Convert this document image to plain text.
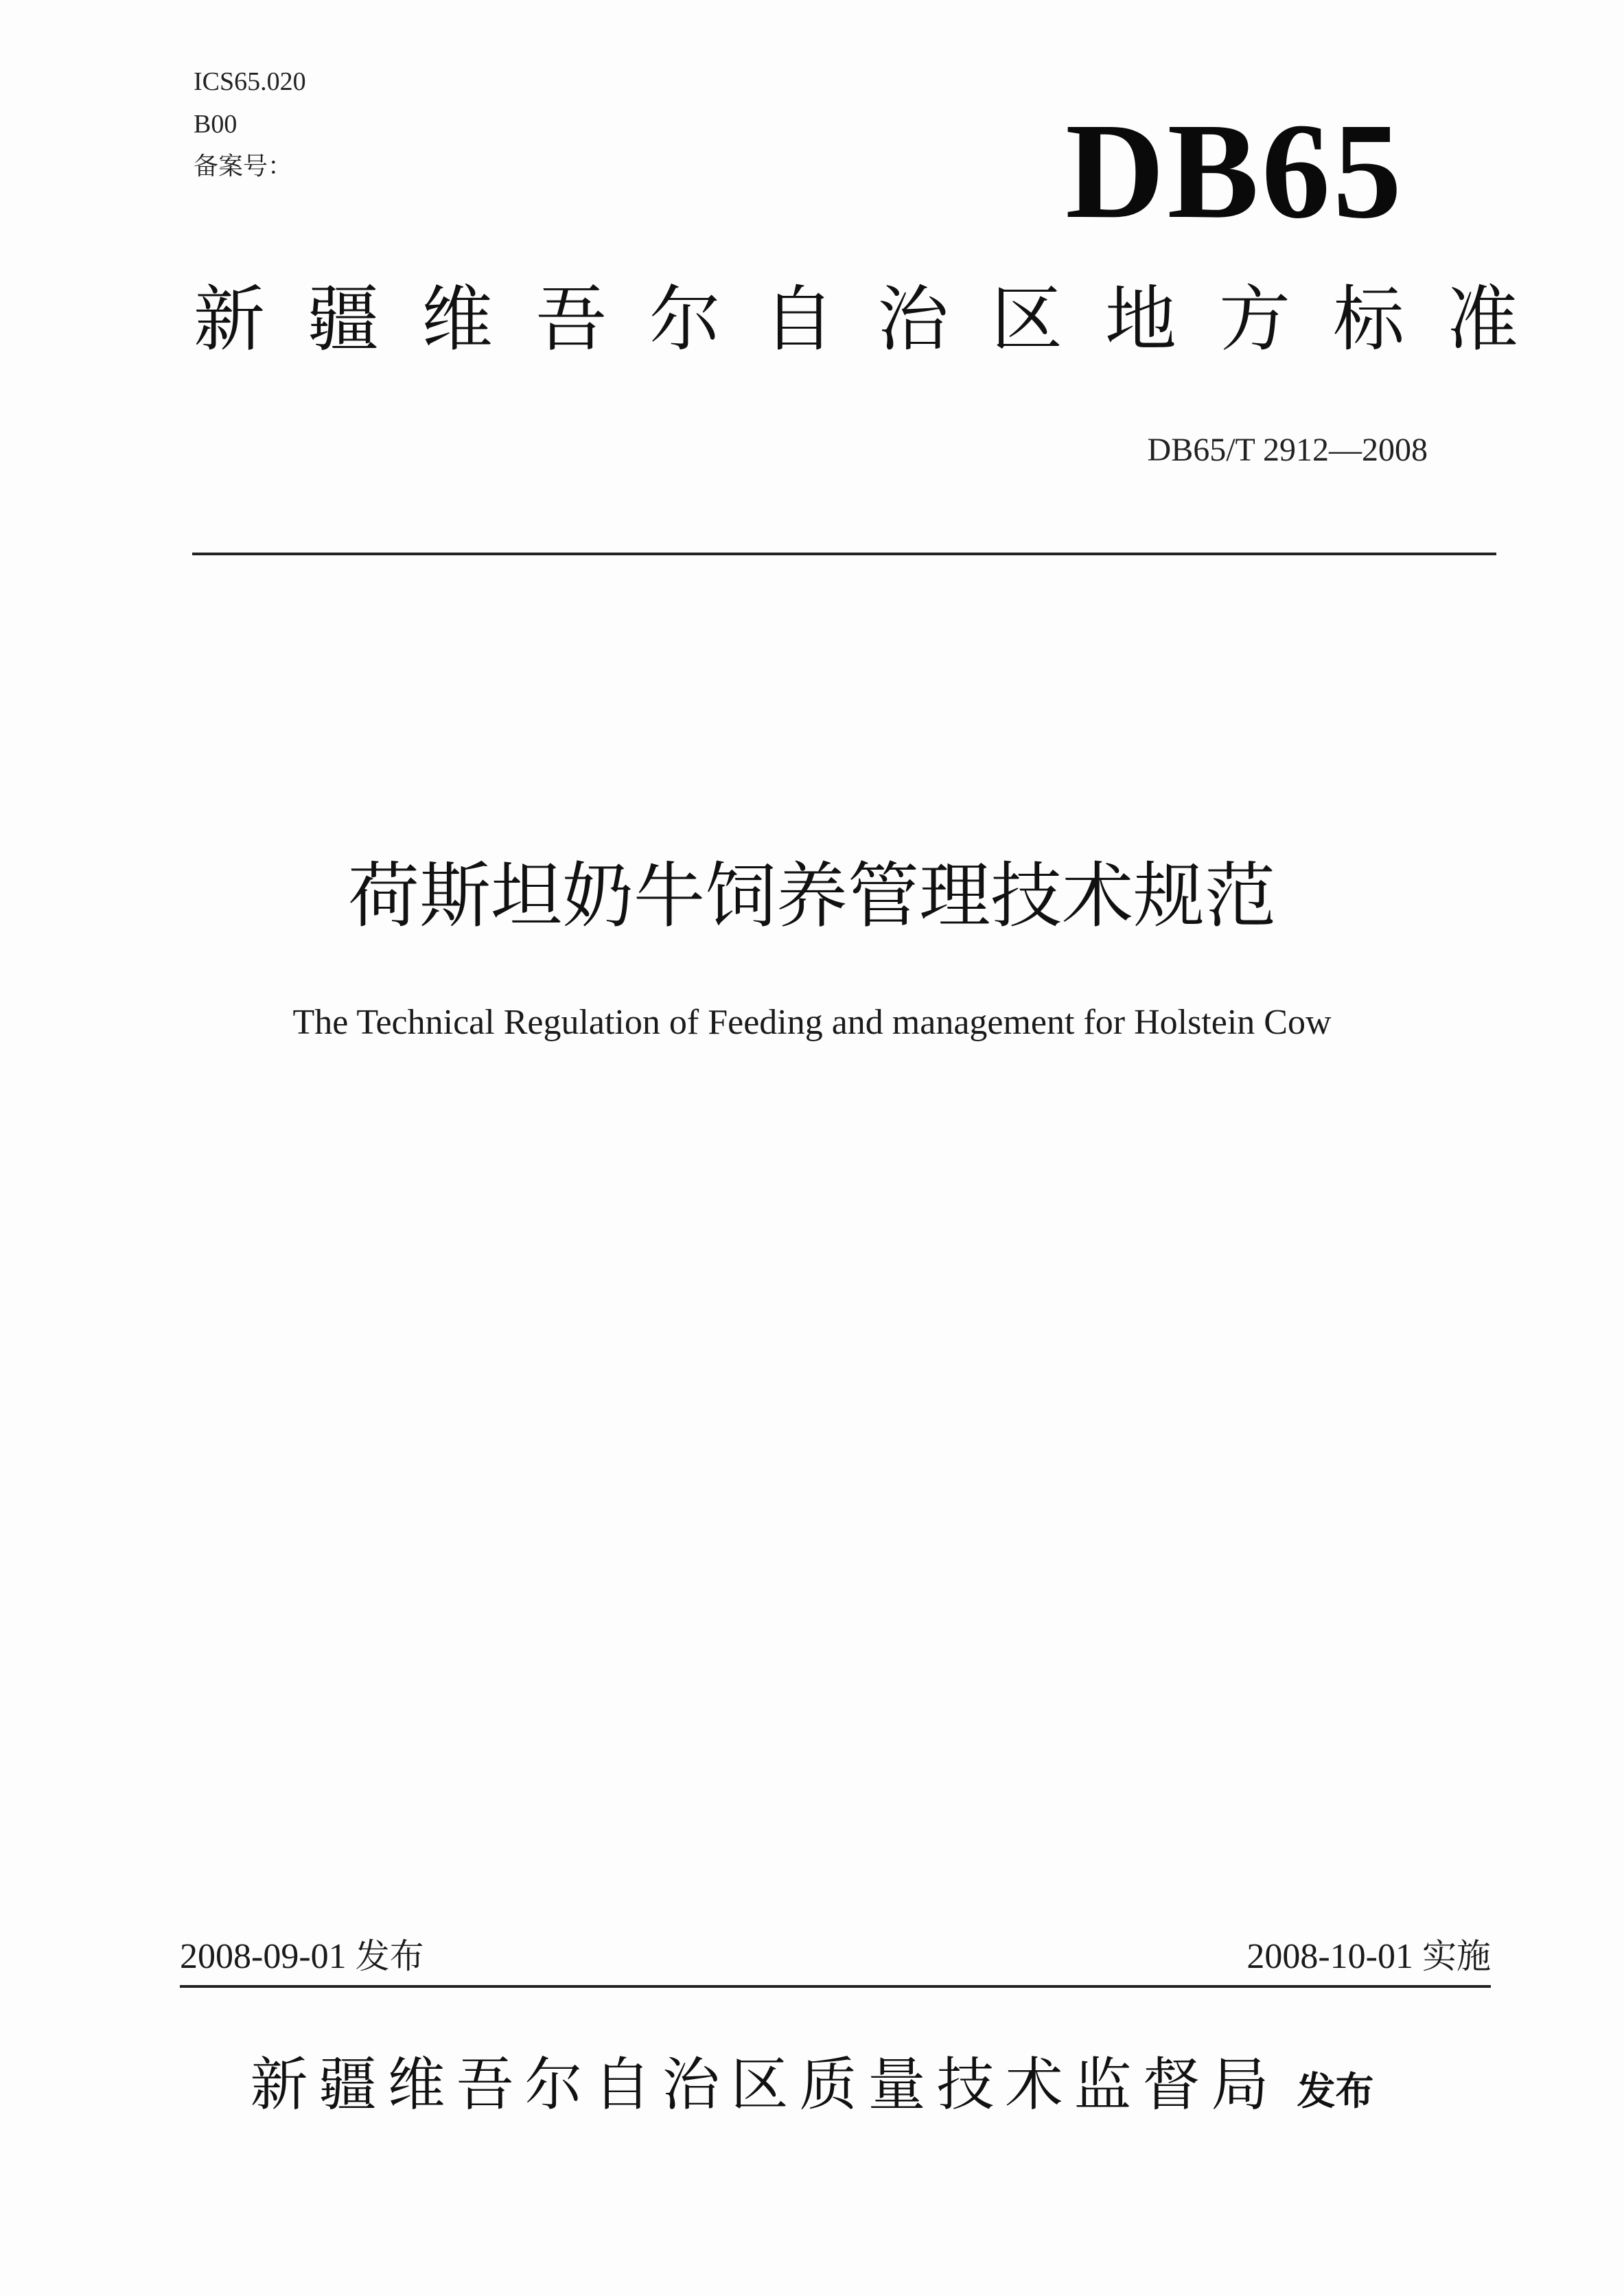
ICS65.020
B00
备案号：	DB65
新疆维吾尔自治区地方标准
DB65/T 2912—2008
荷斯坦奶牛饲养管理技术规范
The Technical Regulation of Feeding and management for Holstein Cow
2008-09-01 发布	2008-10-01 实施
新疆维吾尔自治区质量技术监督局 发布
